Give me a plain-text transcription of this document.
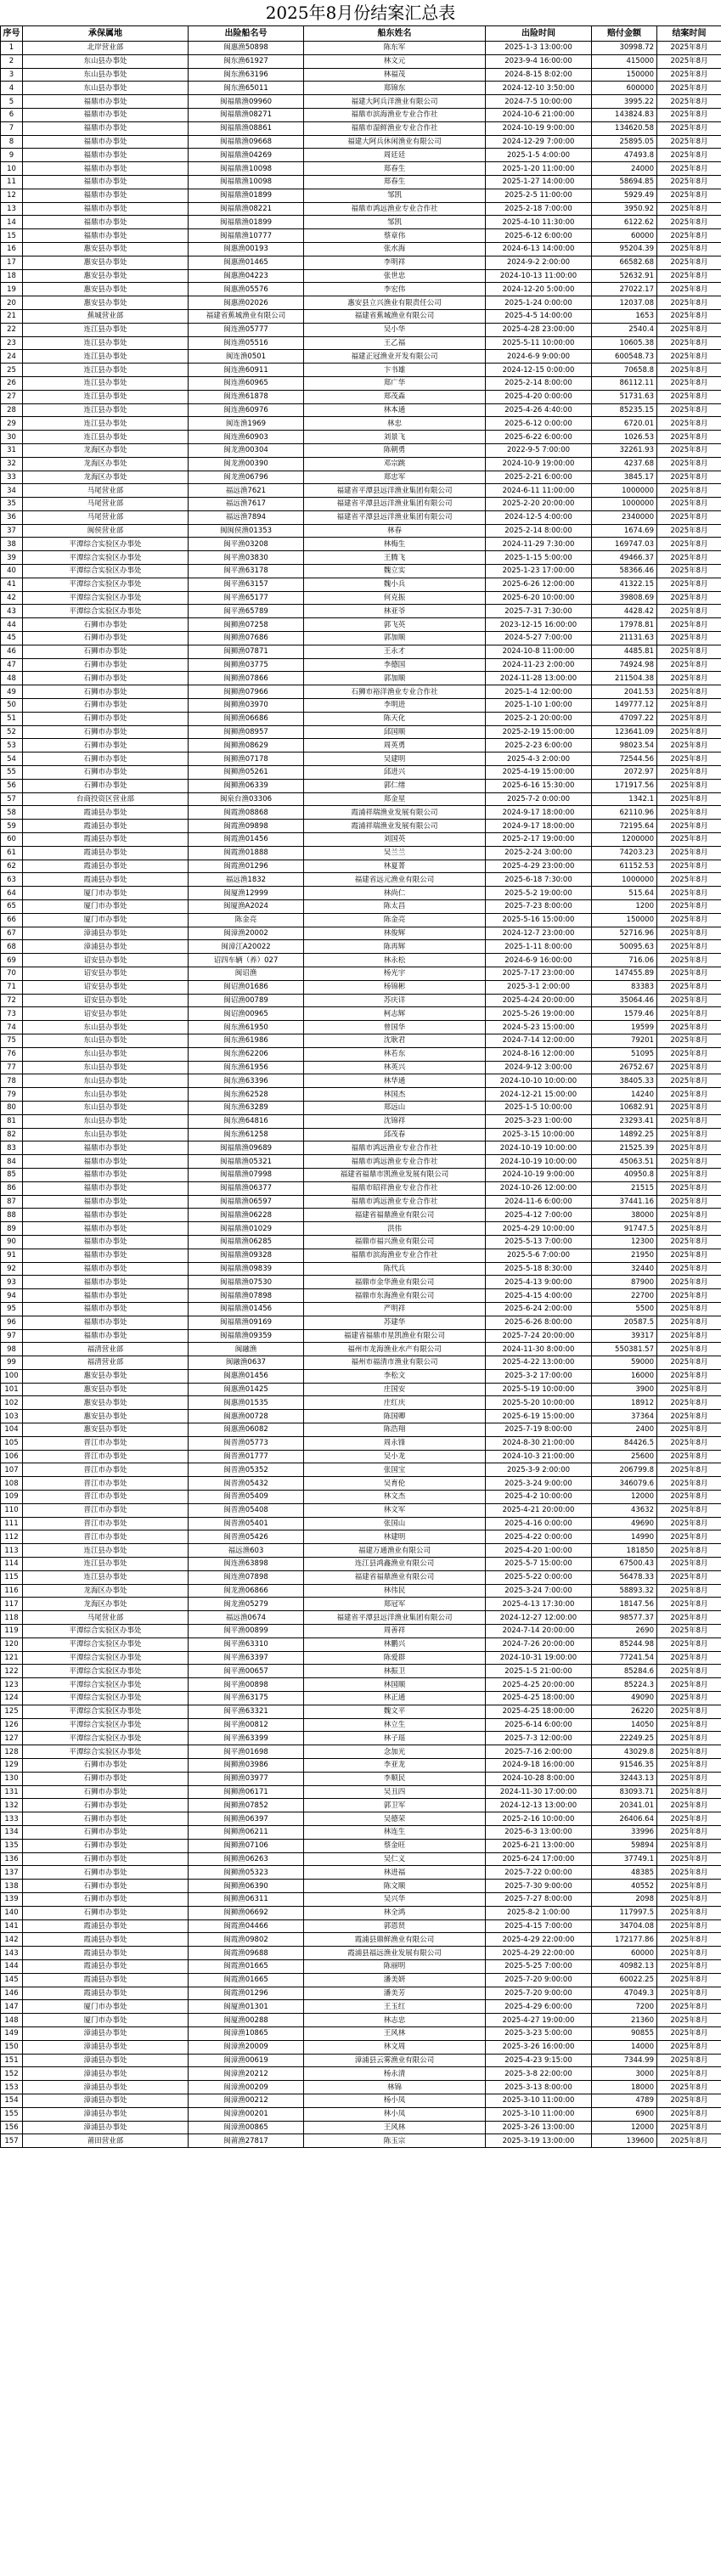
2025年8月份结案汇总表
序号	承保属地	出险船名号	船东姓名	出险时间	赔付金额	结案时间
1	北岸营业部	闽惠渔50898	陈东军	2025-1-3 13:00:00	30998.72	2025年8月
2	东山县办事处	闽东渔61927	林文元	2023-9-4 16:00:00	415000	2025年8月
3	东山县办事处	闽东渔63196	林福茂	2024-8-15 8:02:00	150000	2025年8月
4	东山县办事处	闽东渔65011	郑锦东	2024-12-10 3:50:00	600000	2025年8月
5	福鼎市办事处	闽福鼎渔09960	福建大阿兵洋渔业有限公司	2024-7-5 10:00:00	3995.22	2025年8月
6	福鼎市办事处	闽福鼎渔08271	福鼎市滨海渔业专业合作社	2024-10-6 21:00:00	143824.83	2025年8月
7	福鼎市办事处	闽福鼎渔08861	福鼎市湿鲜渔业专业合作社	2024-10-19 9:00:00	134620.58	2025年8月
8	福鼎市办事处	闽福鼎渔09668	福建大阿兵休闲渔业有限公司	2024-12-29 7:00:00	25895.05	2025年8月
9	福鼎市办事处	闽福鼎渔04269	周廷廷	2025-1-5 4:00:00	47493.8	2025年8月
10	福鼎市办事处	闽福鼎渔10098	郑春生	2025-1-20 11:00:00	24000	2025年8月
11	福鼎市办事处	闽福鼎渔10098	郑春生	2025-1-27 14:00:00	58694.85	2025年8月
12	福鼎市办事处	闽福鼎渔01899	邹凯	2025-2-5 11:00:00	5929.49	2025年8月
13	福鼎市办事处	闽福鼎渔08221	福鼎市鸿远渔业专业合作社	2025-2-18 7:00:00	3950.92	2025年8月
14	福鼎市办事处	闽福鼎渔01899	邹凯	2025-4-10 11:30:00	6122.62	2025年8月
15	福鼎市办事处	闽福鼎渔10777	蔡章伟	2025-6-12 6:00:00	60000	2025年8月
16	惠安县办事处	闽惠渔00193	张水海	2024-6-13 14:00:00	95204.39	2025年8月
17	惠安县办事处	闽惠渔01465	李明祥	2024-9-2 2:00:00	66582.68	2025年8月
18	惠安县办事处	闽惠渔04223	张世忠	2024-10-13 11:00:00	52632.91	2025年8月
19	惠安县办事处	闽惠渔05576	李宏伟	2024-12-20 5:00:00	27022.17	2025年8月
20	惠安县办事处	闽惠渔02026	惠安县立兴渔业有限责任公司	2025-1-24 0:00:00	12037.08	2025年8月
21	蕉城营业部	福建省蕉城渔业有限公司	福建省蕉城渔业有限公司	2025-4-5 14:00:00	1653	2025年8月
22	连江县办事处	闽连渔05777	吴小华	2025-4-28 23:00:00	2540.4	2025年8月
23	连江县办事处	闽连渔05516	王乙福	2025-5-11 10:00:00	10605.38	2025年8月
24	连江县办事处	闽连渔0501	福建正冠渔业开发有限公司	2024-6-9 9:00:00	600548.73	2025年8月
25	连江县办事处	闽连渔60911	卞书雄	2024-12-15 0:00:00	70658.8	2025年8月
26	连江县办事处	闽连渔60965	郑广华	2025-2-14 8:00:00	86112.11	2025年8月
27	连江县办事处	闽连渔61878	郑茂森	2025-4-20 0:00:00	51731.63	2025年8月
28	连江县办事处	闽连渔60976	林本通	2025-4-26 4:40:00	85235.15	2025年8月
29	连江县办事处	闽连渔1969	林忠	2025-6-12 0:00:00	6720.01	2025年8月
30	连江县办事处	闽连渔60903	刘景飞	2025-6-22 6:00:00	1026.53	2025年8月
31	龙海区办事处	闽龙渔00304	陈朝勇	2022-9-5 7:00:00	32261.93	2025年8月
32	龙海区办事处	闽龙渔00390	邓宗跳	2024-10-9 19:00:00	4237.68	2025年8月
33	龙海区办事处	闽龙渔06796	郑忠军	2025-2-21 6:00:00	3845.17	2025年8月
34	马尾营业部	福远渔7621	福建省平潭县远洋渔业集团有限公司	2024-6-11 11:00:00	1000000	2025年8月
35	马尾营业部	福远渔7617	福建省平潭县远洋渔业集团有限公司	2025-2-20 20:00:00	1000000	2025年8月
36	马尾营业部	福远渔7894	福建省平潭县远洋渔业集团有限公司	2024-12-5 4:00:00	2340000	2025年8月
37	闽侯营业部	闽闽侯渔01353	林春	2025-2-14 8:00:00	1674.69	2025年8月
38	平潭综合实验区办事处	闽平渔03208	林梅生	2024-11-29 7:30:00	169747.03	2025年8月
39	平潭综合实验区办事处	闽平渔03830	王腾飞	2025-1-15 5:00:00	49466.37	2025年8月
40	平潭综合实验区办事处	闽平渔63178	魏立实	2025-1-23 17:00:00	58366.46	2025年8月
41	平潭综合实验区办事处	闽平渔63157	魏小兵	2025-6-26 12:00:00	41322.15	2025年8月
42	平潭综合实验区办事处	闽平渔65177	何克振	2025-6-20 10:00:00	39808.69	2025年8月
43	平潭综合实验区办事处	闽平渔65789	林亚爷	2025-7-31 7:30:00	4428.42	2025年8月
44	石狮市办事处	闽狮渔07258	郭飞英	2023-12-15 16:00:00	17978.81	2025年8月
45	石狮市办事处	闽狮渔07686	郭加顺	2024-5-27 7:00:00	21131.63	2025年8月
46	石狮市办事处	闽狮渔07871	王永才	2024-10-8 11:00:00	4485.81	2025年8月
47	石狮市办事处	闽狮渔03775	李德国	2024-11-23 2:00:00	74924.98	2025年8月
48	石狮市办事处	闽狮渔07866	郭加顺	2024-11-28 13:00:00	211504.38	2025年8月
49	石狮市办事处	闽狮渔07966	石狮市裕洋渔业专业合作社	2025-1-4 12:00:00	2041.53	2025年8月
50	石狮市办事处	闽狮渔03970	李明进	2025-1-10 1:00:00	149777.12	2025年8月
51	石狮市办事处	闽狮渔06686	陈天化	2025-2-1 20:00:00	47097.22	2025年8月
52	石狮市办事处	闽狮渔08957	邱国顺	2025-2-19 15:00:00	123641.09	2025年8月
53	石狮市办事处	闽狮渔08629	周英勇	2025-2-23 6:00:00	98023.54	2025年8月
54	石狮市办事处	闽狮渔07178	吴建明	2025-4-3 2:00:00	72544.56	2025年8月
55	石狮市办事处	闽狮渔05261	邱进兴	2025-4-19 15:00:00	2072.97	2025年8月
56	石狮市办事处	闽狮渔06339	郭仁绪	2025-6-16 15:30:00	171917.56	2025年8月
57	台商投资区营业部	闽泉台渔03306	郑金星	2025-7-2 0:00:00	1342.1	2025年8月
58	霞浦县办事处	闽霞渔08868	霞浦祥瑞渔业发展有限公司	2024-9-17 18:00:00	62110.96	2025年8月
59	霞浦县办事处	闽霞渔09898	霞浦祥瑞渔业发展有限公司	2024-9-17 18:00:00	72195.64	2025年8月
60	霞浦县办事处	闽霞渔01456	刘国英	2025-2-17 19:00:00	1200000	2025年8月
61	霞浦县办事处	闽霞渔01888	吴兰兰	2025-2-24 3:00:00	74203.23	2025年8月
62	霞浦县办事处	闽霞渔01296	林夏菁	2025-4-29 23:00:00	61152.53	2025年8月
63	霞浦县办事处	福远渔1832	福建省远元渔业有限公司	2025-6-18 7:30:00	1000000	2025年8月
64	厦门市办事处	闽厦渔12999	林尚仁	2025-5-2 19:00:00	515.64	2025年8月
65	厦门市办事处	闽厦渔A2024	陈太昌	2025-7-23 8:00:00	1200	2025年8月
66	厦门市办事处	陈金亮	陈金亮	2025-5-16 15:00:00	150000	2025年8月
67	漳浦县办事处	闽漳渔20002	林俊辉	2024-12-7 23:00:00	52716.96	2025年8月
68	漳浦县办事处	闽漳江A20022	陈再辉	2025-1-11 8:00:00	50095.63	2025年8月
69	诏安县办事处	诏四车辆（养）027	林永松	2024-6-9 16:00:00	716.06	2025年8月
70	诏安县办事处	闽诏渔	杨光宇	2025-7-17 23:00:00	147455.89	2025年8月
71	诏安县办事处	闽诏渔01686	杨锦彬	2025-3-1 2:00:00	83383	2025年8月
72	诏安县办事处	闽诏渔00789	苏庆详	2025-4-24 20:00:00	35064.46	2025年8月
73	诏安县办事处	闽诏渔00965	柯志辉	2025-5-26 19:00:00	1579.46	2025年8月
74	东山县办事处	闽东渔61950	曾国华	2024-5-23 15:00:00	19599	2025年8月
75	东山县办事处	闽东渔61986	沈耿君	2024-7-14 12:00:00	79201	2025年8月
76	东山县办事处	闽东渔62206	林若东	2024-8-16 12:00:00	51095	2025年8月
77	东山县办事处	闽东渔61956	林英兴	2024-9-12 3:00:00	26752.67	2025年8月
78	东山县办事处	闽东渔63396	林华通	2024-10-10 10:00:00	38405.33	2025年8月
79	东山县办事处	闽东渔62528	林国杰	2024-12-21 15:00:00	14240	2025年8月
80	东山县办事处	闽东渔63289	郑远山	2025-1-5 10:00:00	10682.91	2025年8月
81	东山县办事处	闽东渔64816	沈锦祥	2025-3-23 1:00:00	23293.41	2025年8月
82	东山县办事处	闽东渔61258	邱茂春	2025-3-15 10:00:00	14892.25	2025年8月
83	福鼎市办事处	闽福鼎渔09689	福鼎市鸿远渔业专业合作社	2024-10-19 10:00:00	21525.39	2025年8月
84	福鼎市办事处	闽福鼎渔05321	福鼎市鸿远渔业专业合作社	2024-10-19 10:00:00	45063.51	2025年8月
85	福鼎市办事处	闽福鼎渔07998	福建省福鼎市凯渔业发展有限公司	2024-10-19 9:00:00	40950.8	2025年8月
86	福鼎市办事处	闽福鼎渔06377	福鼎市昭祥渔业专业合作社	2024-10-26 12:00:00	21515	2025年8月
87	福鼎市办事处	闽福鼎渔06597	福鼎市鸿远渔业专业合作社	2024-11-6 6:00:00	37441.16	2025年8月
88	福鼎市办事处	闽福鼎渔06228	福建省福鼎渔业有限公司	2025-4-12 7:00:00	38000	2025年8月
89	福鼎市办事处	闽福鼎渔01029	洪伟	2025-4-29 10:00:00	91747.5	2025年8月
90	福鼎市办事处	闽福鼎渔06285	福鼎市福兴渔业有限公司	2025-5-13 7:00:00	12300	2025年8月
91	福鼎市办事处	闽福鼎渔09328	福鼎市滨海渔业专业合作社	2025-5-6 7:00:00	21950	2025年8月
92	福鼎市办事处	闽福鼎渔09839	陈代兵	2025-5-18 8:30:00	32440	2025年8月
93	福鼎市办事处	闽福鼎渔07530	福鼎市金华渔业有限公司	2025-4-13 9:00:00	87900	2025年8月
94	福鼎市办事处	闽福鼎渔07898	福鼎市东海渔业有限公司	2025-4-15 4:00:00	22700	2025年8月
95	福鼎市办事处	闽福鼎渔01456	严明祥	2025-6-24 2:00:00	5500	2025年8月
96	福鼎市办事处	闽福鼎渔09169	苏建华	2025-6-26 8:00:00	20587.5	2025年8月
97	福鼎市办事处	闽福鼎渔09359	福建省福鼎市星凯渔业有限公司	2025-7-24 20:00:00	39317	2025年8月
98	福清营业部	闽融渔	福州市龙海渔业水产有限公司	2024-11-30 8:00:00	550381.57	2025年8月
99	福清营业部	闽融渔0637	福州市福清市渔业有限公司	2025-4-22 13:00:00	59000	2025年8月
100	惠安县办事处	闽惠渔01456	李松文	2025-3-2 17:00:00	16000	2025年8月
101	惠安县办事处	闽惠渔01425	庄国安	2025-5-19 10:00:00	3900	2025年8月
102	惠安县办事处	闽惠渔01535	庄红庆	2025-5-20 10:00:00	18912	2025年8月
103	惠安县办事处	闽惠渔00728	陈国卿	2025-6-19 15:00:00	37364	2025年8月
104	惠安县办事处	闽惠渔06082	陈浩翔	2025-7-19 8:00:00	2400	2025年8月
105	晋江市办事处	闽晋渔05773	周永锋	2024-8-30 21:00:00	84426.5	2025年8月
106	晋江市办事处	闽晋渔01777	吴小龙	2024-10-3 21:00:00	25600	2025年8月
107	晋江市办事处	闽晋渔05352	张国宝	2025-3-9 2:00:00	206799.8	2025年8月
108	晋江市办事处	闽晋渔05432	吴育伦	2025-3-24 9:00:00	346079.6	2025年8月
109	晋江市办事处	闽晋渔05409	林文杰	2025-4-2 10:00:00	12000	2025年8月
110	晋江市办事处	闽晋渔05408	林文军	2025-4-21 20:00:00	43632	2025年8月
111	晋江市办事处	闽晋渔05401	张国山	2025-4-16 0:00:00	49690	2025年8月
112	晋江市办事处	闽晋渔05426	林建明	2025-4-22 0:00:00	14990	2025年8月
113	连江县办事处	福远渔603	福建万通渔业有限公司	2025-4-20 1:00:00	181850	2025年8月
114	连江县办事处	闽连渔63898	连江县鸿鑫渔业有限公司	2025-5-7 15:00:00	67500.43	2025年8月
115	连江县办事处	闽连渔07898	福建省福鼎渔业有限公司	2025-5-22 0:00:00	56478.33	2025年8月
116	龙海区办事处	闽龙渔06866	林伟民	2025-3-24 7:00:00	58893.32	2025年8月
117	龙海区办事处	闽龙渔05279	郑冠军	2025-4-13 17:30:00	18147.56	2025年8月
118	马尾营业部	福远渔0674	福建省平潭县远洋渔业集团有限公司	2024-12-27 12:00:00	98577.37	2025年8月
119	平潭综合实验区办事处	闽平渔00899	周善祥	2024-7-14 20:00:00	2690	2025年8月
120	平潭综合实验区办事处	闽平渔63310	林鹏兴	2024-7-26 20:00:00	85244.98	2025年8月
121	平潭综合实验区办事处	闽平渔63397	陈爱群	2024-10-31 19:00:00	77241.54	2025年8月
122	平潭综合实验区办事处	闽平渔00657	林振卫	2025-1-5 21:00:00	85284.6	2025年8月
123	平潭综合实验区办事处	闽平渔00898	林国顺	2025-4-25 20:00:00	85224.3	2025年8月
124	平潭综合实验区办事处	闽平渔63175	林正通	2025-4-25 18:00:00	49090	2025年8月
125	平潭综合实验区办事处	闽平渔63321	魏文平	2025-4-25 18:00:00	26220	2025年8月
126	平潭综合实验区办事处	闽平渔00812	林立生	2025-6-14 6:00:00	14050	2025年8月
127	平潭综合实验区办事处	闽平渔63399	林子瑶	2025-7-3 12:00:00	22249.25	2025年8月
128	平潭综合实验区办事处	闽平渔01698	念加光	2025-7-16 2:00:00	43029.8	2025年8月
129	石狮市办事处	闽狮渔03986	李亚龙	2024-9-18 16:00:00	91546.35	2025年8月
130	石狮市办事处	闽狮渔03977	李顺民	2024-10-28 8:00:00	32443.13	2025年8月
131	石狮市办事处	闽狮渔06171	吴丑四	2024-11-30 17:00:00	83093.71	2025年8月
132	石狮市办事处	闽狮渔07852	郭卫军	2024-12-13 13:00:00	20341.01	2025年8月
133	石狮市办事处	闽狮渔06397	吴德荣	2025-2-16 10:00:00	26406.64	2025年8月
134	石狮市办事处	闽狮渔06211	林连生	2025-6-3 13:00:00	33996	2025年8月
135	石狮市办事处	闽狮渔07106	蔡金旺	2025-6-21 13:00:00	59894	2025年8月
136	石狮市办事处	闽狮渔06263	吴仁义	2025-6-24 17:00:00	37749.1	2025年8月
137	石狮市办事处	闽狮渔05323	林进福	2025-7-22 0:00:00	48385	2025年8月
138	石狮市办事处	闽狮渔06390	陈文顺	2025-7-30 9:00:00	40552	2025年8月
139	石狮市办事处	闽狮渔06311	吴兴华	2025-7-27 8:00:00	2098	2025年8月
140	石狮市办事处	闽狮渔06692	林全鸿	2025-8-2 1:00:00	117997.5	2025年8月
141	霞浦县办事处	闽霞渔04466	郭恩贤	2025-4-15 7:00:00	34704.08	2025年8月
142	霞浦县办事处	闽霞渔09802	霞浦县鼎鲜渔业有限公司	2025-4-29 22:00:00	172177.86	2025年8月
143	霞浦县办事处	闽霞渔09688	霞浦县福远渔业发展有限公司	2025-4-29 22:00:00	60000	2025年8月
144	霞浦县办事处	闽霞渔01665	陈丽明	2025-5-25 7:00:00	40982.13	2025年8月
145	霞浦县办事处	闽霞渔01665	潘美妍	2025-7-20 9:00:00	60022.25	2025年8月
146	霞浦县办事处	闽霞渔01296	潘美芳	2025-7-20 9:00:00	47049.3	2025年8月
147	厦门市办事处	闽厦渔01301	王玉红	2025-4-29 6:00:00	7200	2025年8月
148	厦门市办事处	闽厦渔00288	林志忠	2025-4-27 19:00:00	21360	2025年8月
149	漳浦县办事处	闽漳渔10865	王风林	2025-3-23 5:00:00	90855	2025年8月
150	漳浦县办事处	闽漳渔20009	林文周	2025-3-26 16:00:00	14000	2025年8月
151	漳浦县办事处	闽漳渔00619	漳浦县云雾渔业有限公司	2025-4-23 9:15:00	7344.99	2025年8月
152	漳浦县办事处	闽漳渔20212	杨永清	2025-3-8 22:00:00	3000	2025年8月
153	漳浦县办事处	闽漳渔00209	林锦	2025-3-13 8:00:00	18000	2025年8月
154	漳浦县办事处	闽漳渔00212	杨小凤	2025-3-10 11:00:00	4789	2025年8月
155	漳浦县办事处	闽漳渔00201	林小凤	2025-3-10 11:00:00	6900	2025年8月
156	漳浦县办事处	闽漳渔00865	王风林	2025-3-26 13:00:00	12000	2025年8月
157	莆田营业部	闽莆渔27817	陈玉宗	2025-3-19 13:00:00	139600	2025年8月
